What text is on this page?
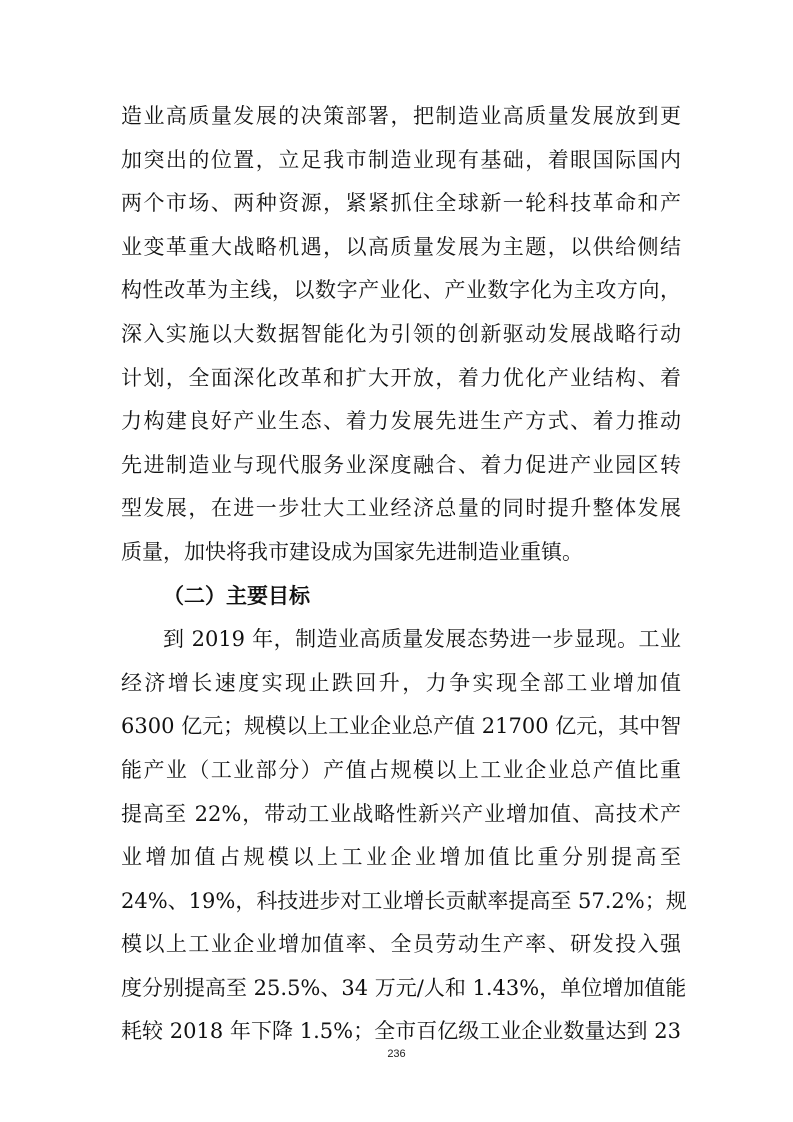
造业高质量发展的决策部署，把制造业高质量发展放到更
加突出的位置，立足我市制造业现有基础，着眼国际国内
两个市场、两种资源，紧紧抓住全球新一轮科技革命和产
业变革重大战略机遇，以高质量发展为主题，以供给侧结
构性改革为主线，以数字产业化、产业数字化为主攻方向，
深入实施以大数据智能化为引领的创新驱动发展战略行动
计划，全面深化改革和扩大开放，着力优化产业结构、着
力构建良好产业生态、着力发展先进生产方式、着力推动
先进制造业与现代服务业深度融合、着力促进产业园区转
型发展，在进一步壮大工业经济总量的同时提升整体发展
质量，加快将我市建设成为国家先进制造业重镇。
（二）主要目标
到 2019 年，制造业高质量发展态势进一步显现。工业
经济增长速度实现止跌回升，力争实现全部工业增加值
6300 亿元；规模以上工业企业总产值 21700 亿元，其中智
能产业（工业部分）产值占规模以上工业企业总产值比重
提高至 22%，带动工业战略性新兴产业增加值、高技术产
业增加值占规模以上工业企业增加值比重分别提高至
24%、19%，科技进步对工业增长贡献率提高至 57.2%；规
模以上工业企业增加值率、全员劳动生产率、研发投入强
度分别提高至 25.5%、34 万元/人和 1.43%，单位增加值能
耗较 2018 年下降 1.5%；全市百亿级工业企业数量达到 23
236
